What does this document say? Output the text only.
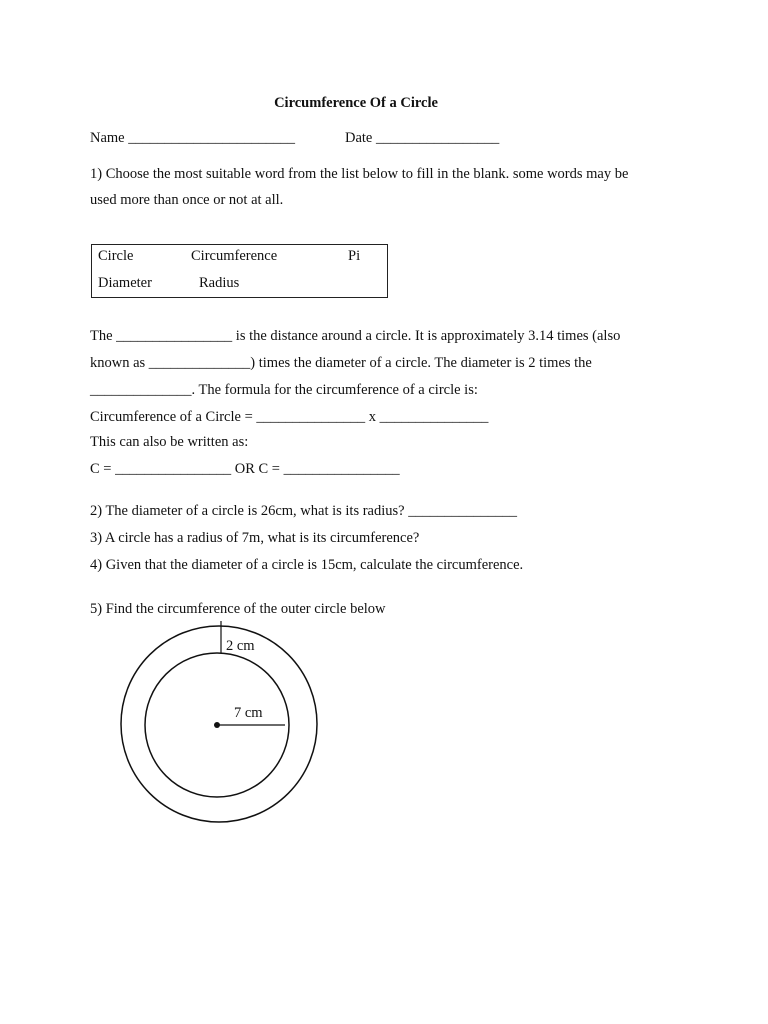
Circumference Of a Circle
Name _______________________	Date _________________
1) Choose the most suitable word from the list below to fill in the blank. some words may be
used more than once or not at all.
Circle	Circumference	Pi
Diameter	Radius
The ________________ is the distance around a circle. It is approximately 3.14 times (also
known as ______________) times the diameter of a circle. The diameter is 2 times the
______________. The formula for the circumference of a circle is:
Circumference of a Circle = _______________ x _______________
This can also be written as:
C = ________________ OR C = ________________
2) The diameter of a circle is 26cm, what is its radius? _______________
3) A circle has a radius of 7m, what is its circumference?
4) Given that the diameter of a circle is 15cm, calculate the circumference.
5) Find the circumference of the outer circle below
2 cm
7 cm
